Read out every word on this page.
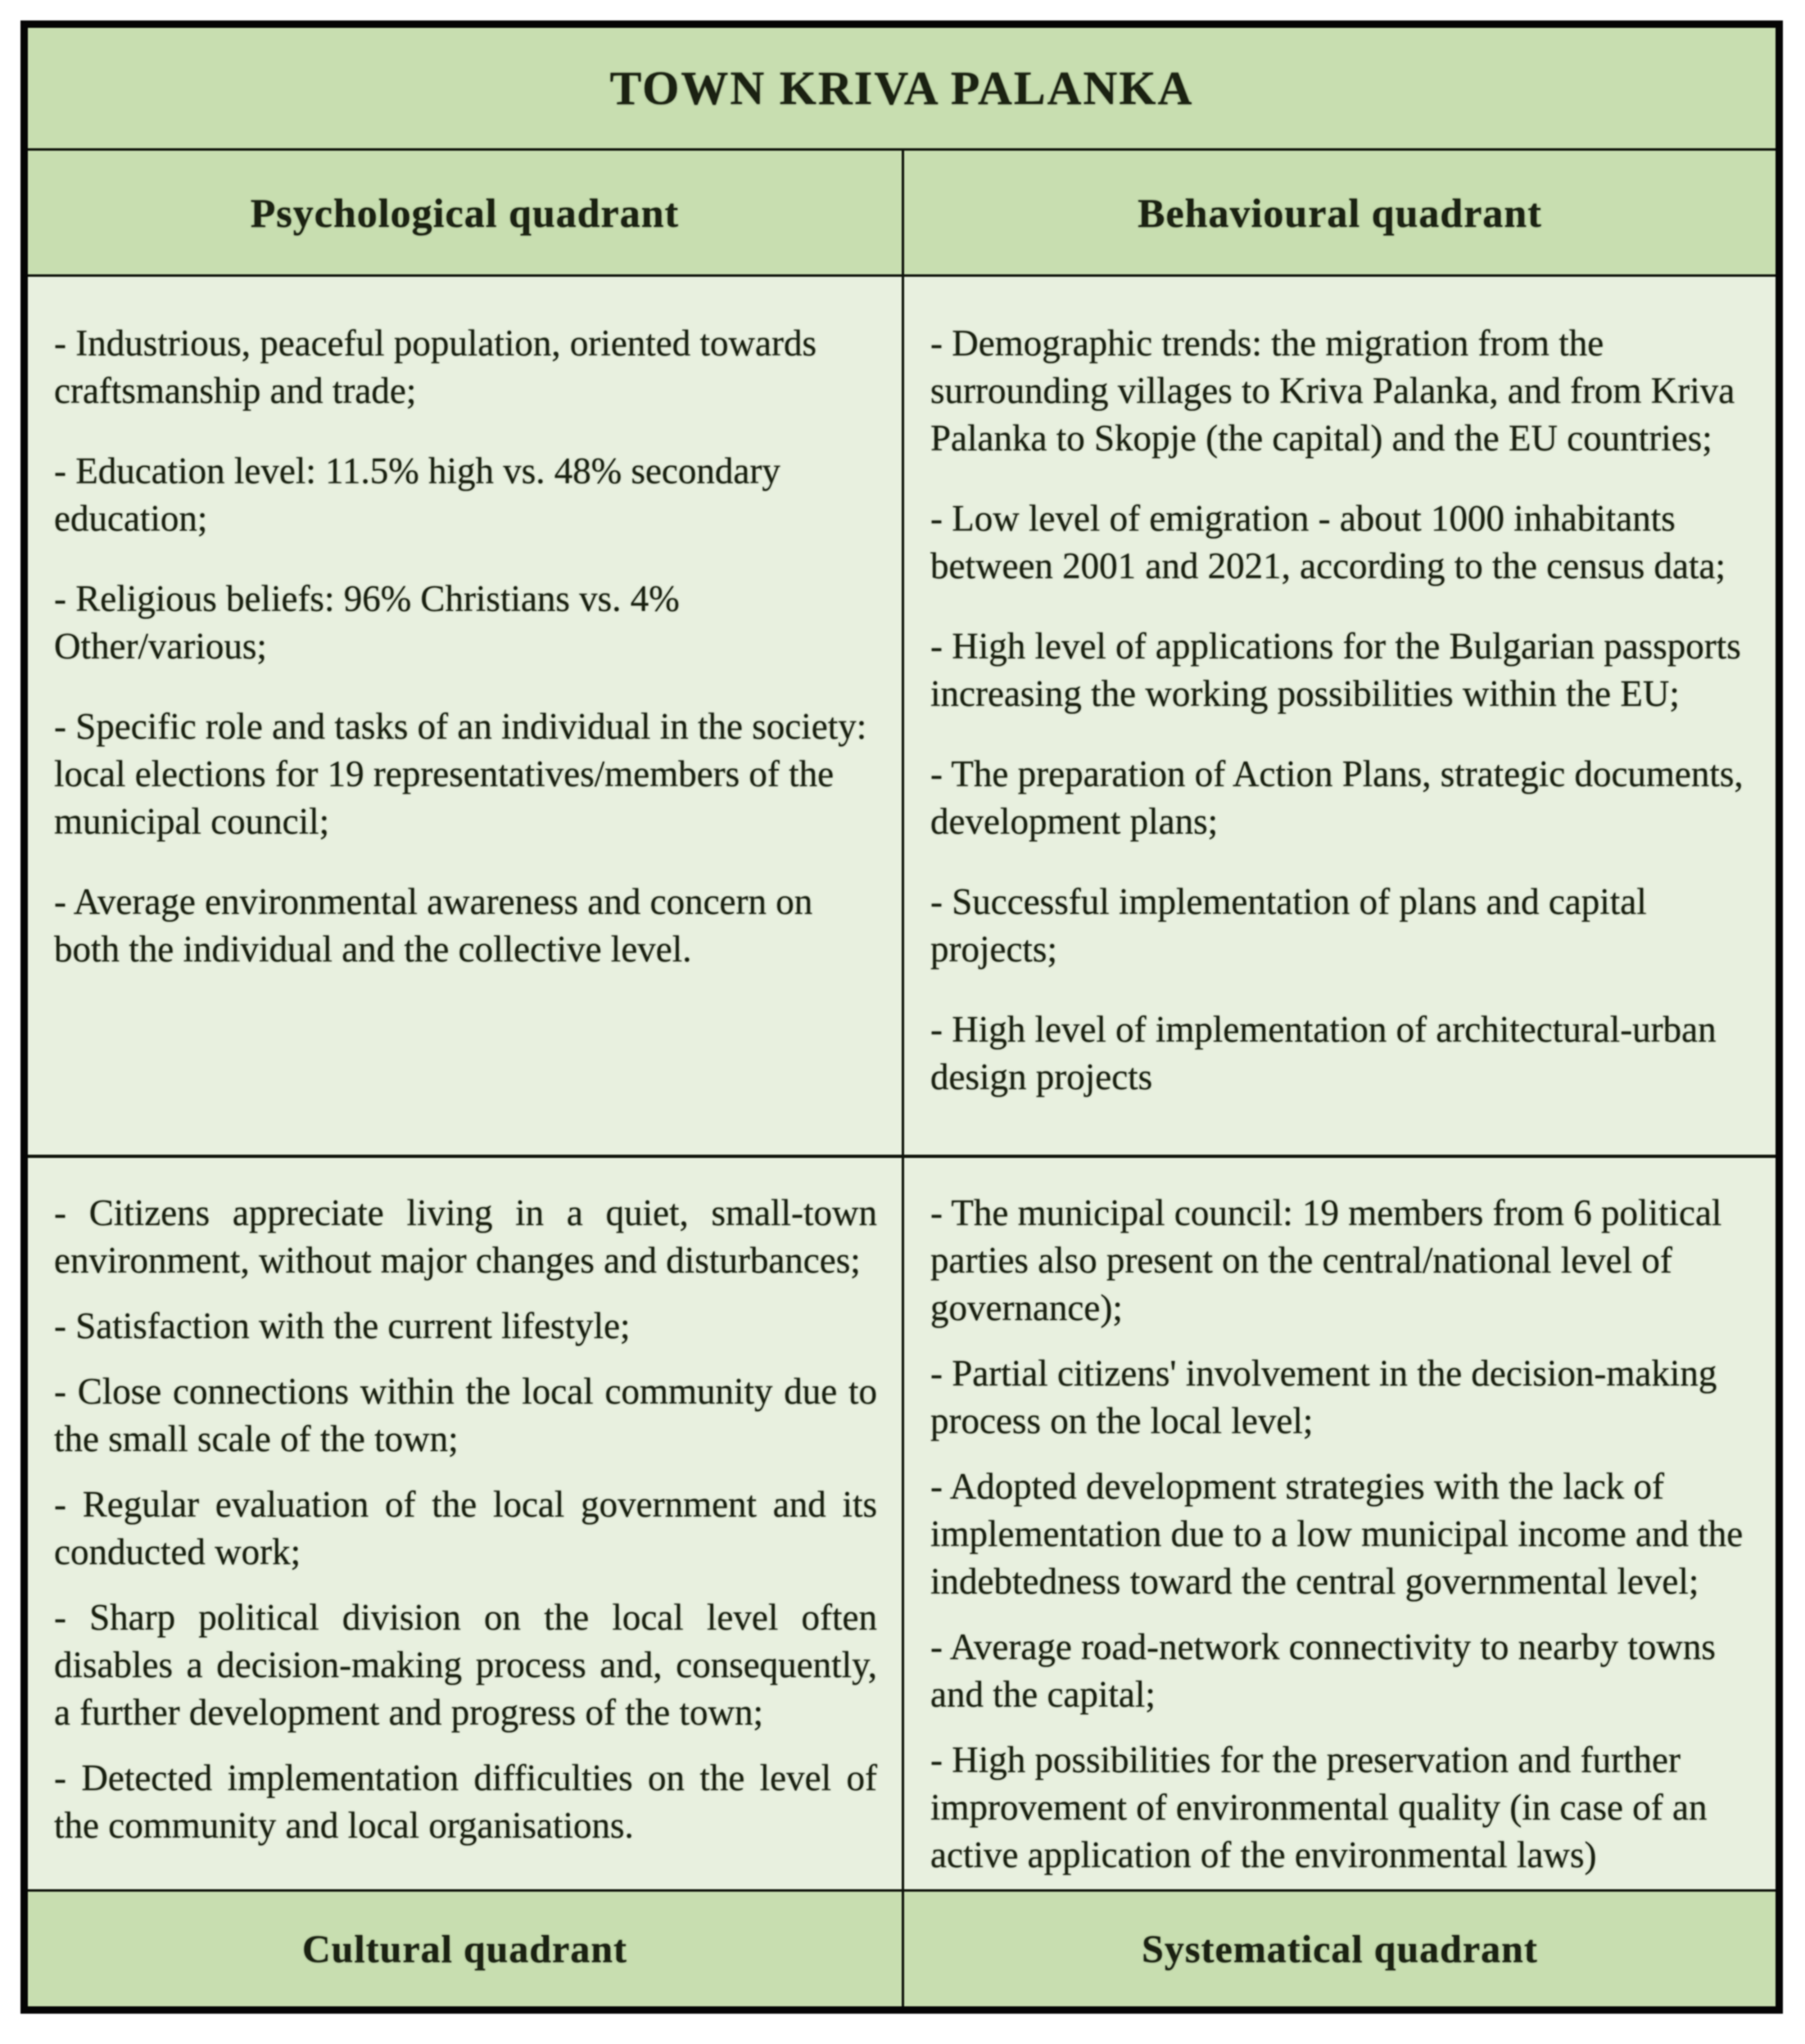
TOWN KRIVA PALANKA
Psychological quadrant	Behavioural quadrant

- Industrious, peaceful population, oriented towards craftsmanship and trade;

- Education level: 11.5% high vs. 48% secondary education;

- Religious beliefs: 96% Christians vs. 4% Other/various;

- Specific role and tasks of an individual in the society: local elections for 19 representatives/members of the municipal council;

- Average environmental awareness and concern on both the individual and the collective level.

- Demographic trends: the migration from the surrounding villages to Kriva Palanka, and from Kriva Palanka to Skopje (the capital) and the EU countries;

- Low level of emigration - about 1000 inhabitants between 2001 and 2021, according to the census data;

- High level of applications for the Bulgarian passports increasing the working possibilities within the EU;

- The preparation of Action Plans, strategic documents, development plans;

- Successful implementation of plans and capital projects;

- High level of implementation of architectural-urban design projects

- Citizens appreciate living in a quiet, small-town environment, without major changes and disturbances;

- Satisfaction with the current lifestyle;

- Close connections within the local community due to the small scale of the town;

- Regular evaluation of the local government and its conducted work;

- Sharp political division on the local level often disables a decision-making process and, consequently, a further development and progress of the town;

- Detected implementation difficulties on the level of the community and local organisations.

- The municipal council: 19 members from 6 political parties also present on the central/national level of governance);

- Partial citizens' involvement in the decision-making process on the local level;

- Adopted development strategies with the lack of implementation due to a low municipal income and the indebtedness toward the central governmental level;

- Average road-network connectivity to nearby towns and the capital;

- High possibilities for the preservation and further improvement of environmental quality (in case of an active application of the environmental laws)

Cultural quadrant	Systematical quadrant
